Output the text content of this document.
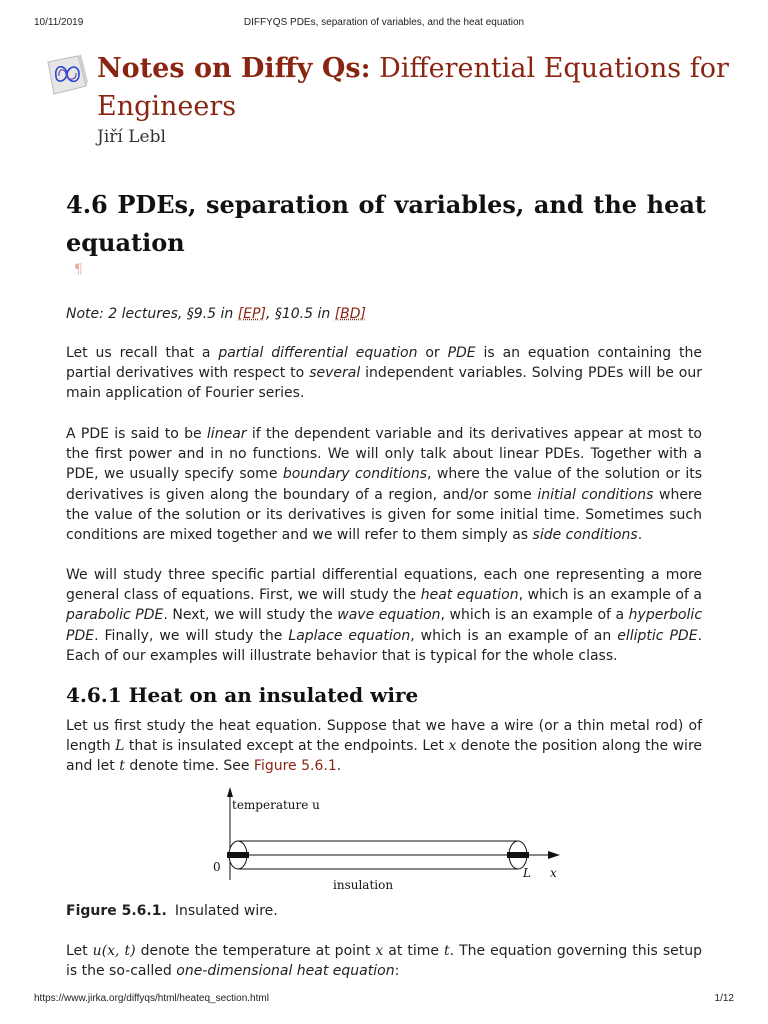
10/11/2019	DIFFYQS PDEs, separation of variables, and the heat equation
Notes on Diffy Qs: Differential Equations for Engineers
Jiří Lebl
4.6 PDEs, separation of variables, and the heat equation
¶
Note: 2 lectures, §9.5 in [EP], §10.5 in [BD]
Let us recall that a partial differential equation or PDE is an equation containing the partial derivatives with respect to several independent variables. Solving PDEs will be our main application of Fourier series.
A PDE is said to be linear if the dependent variable and its derivatives appear at most to the first power and in no functions. We will only talk about linear PDEs. Together with a PDE, we usually specify some boundary conditions, where the value of the solution or its derivatives is given along the boundary of a region, and/or some initial conditions where the value of the solution or its derivatives is given for some initial time. Sometimes such conditions are mixed together and we will refer to them simply as side conditions.
We will study three specific partial differential equations, each one representing a more general class of equations. First, we will study the heat equation, which is an example of a parabolic PDE. Next, we will study the wave equation, which is an example of a hyperbolic PDE. Finally, we will study the Laplace equation, which is an example of an elliptic PDE. Each of our examples will illustrate behavior that is typical for the whole class.
4.6.1 Heat on an insulated wire
Let us first study the heat equation. Suppose that we have a wire (or a thin metal rod) of length L that is insulated except at the endpoints. Let x denote the position along the wire and let t denote time. See Figure 5.6.1.
temperature u
0
insulation
L x
Figure 5.6.1. Insulated wire.
Let u(x, t) denote the temperature at point x at time t. The equation governing this setup is the so-called one-dimensional heat equation:
https://www.jirka.org/diffyqs/html/heateq_section.html	1/12
